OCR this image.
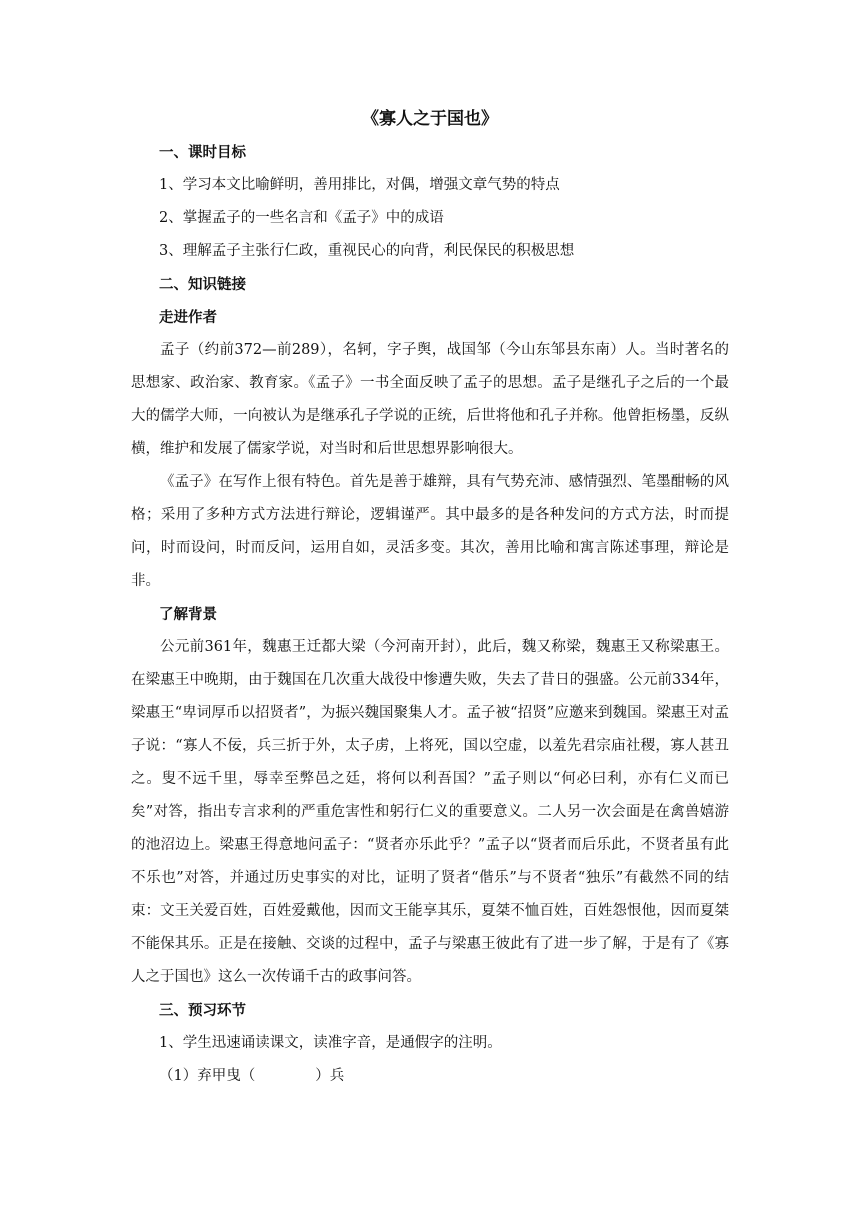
《寡人之于国也》

一、课时目标

1、学习本文比喻鲜明，善用排比，对偶，增强文章气势的特点

2、掌握孟子的一些名言和《孟子》中的成语

3、理解孟子主张行仁政，重视民心的向背，利民保民的积极思想

二、知识链接

走进作者

孟子（约前372—前289），名轲，字子舆，战国邹（今山东邹县东南）人。当时著名的思想家、政治家、教育家。《孟子》一书全面反映了孟子的思想。孟子是继孔子之后的一个最大的儒学大师，一向被认为是继承孔子学说的正统，后世将他和孔子并称。他曾拒杨墨，反纵横，维护和发展了儒家学说，对当时和后世思想界影响很大。

《孟子》在写作上很有特色。首先是善于雄辩，具有气势充沛、感情强烈、笔墨酣畅的风格；采用了多种方式方法进行辩论，逻辑谨严。其中最多的是各种发问的方式方法，时而提问，时而设问，时而反问，运用自如，灵活多变。其次，善用比喻和寓言陈述事理，辩论是非。

了解背景

公元前361年，魏惠王迁都大梁（今河南开封），此后，魏又称梁，魏惠王又称梁惠王。在梁惠王中晚期，由于魏国在几次重大战役中惨遭失败，失去了昔日的强盛。公元前334年，梁惠王“卑词厚币以招贤者”，为振兴魏国聚集人才。孟子被“招贤”应邀来到魏国。梁惠王对孟子说：“寡人不佞，兵三折于外，太子虏，上将死，国以空虚，以羞先君宗庙社稷，寡人甚丑之。叟不远千里，辱幸至弊邑之廷，将何以利吾国？”孟子则以“何必曰利，亦有仁义而已矣”对答，指出专言求利的严重危害性和躬行仁义的重要意义。二人另一次会面是在禽兽嬉游的池沼边上。梁惠王得意地问孟子：“贤者亦乐此乎？”孟子以“贤者而后乐此，不贤者虽有此不乐也”对答，并通过历史事实的对比，证明了贤者“偕乐”与不贤者“独乐”有截然不同的结束：文王关爱百姓，百姓爱戴他，因而文王能享其乐，夏桀不恤百姓，百姓怨恨他，因而夏桀不能保其乐。正是在接触、交谈的过程中，孟子与梁惠王彼此有了进一步了解，于是有了《寡人之于国也》这么一次传诵千古的政事问答。

三、预习环节

1、学生迅速诵读课文，读准字音，是通假字的注明。

（1）弃甲曳（	）兵
